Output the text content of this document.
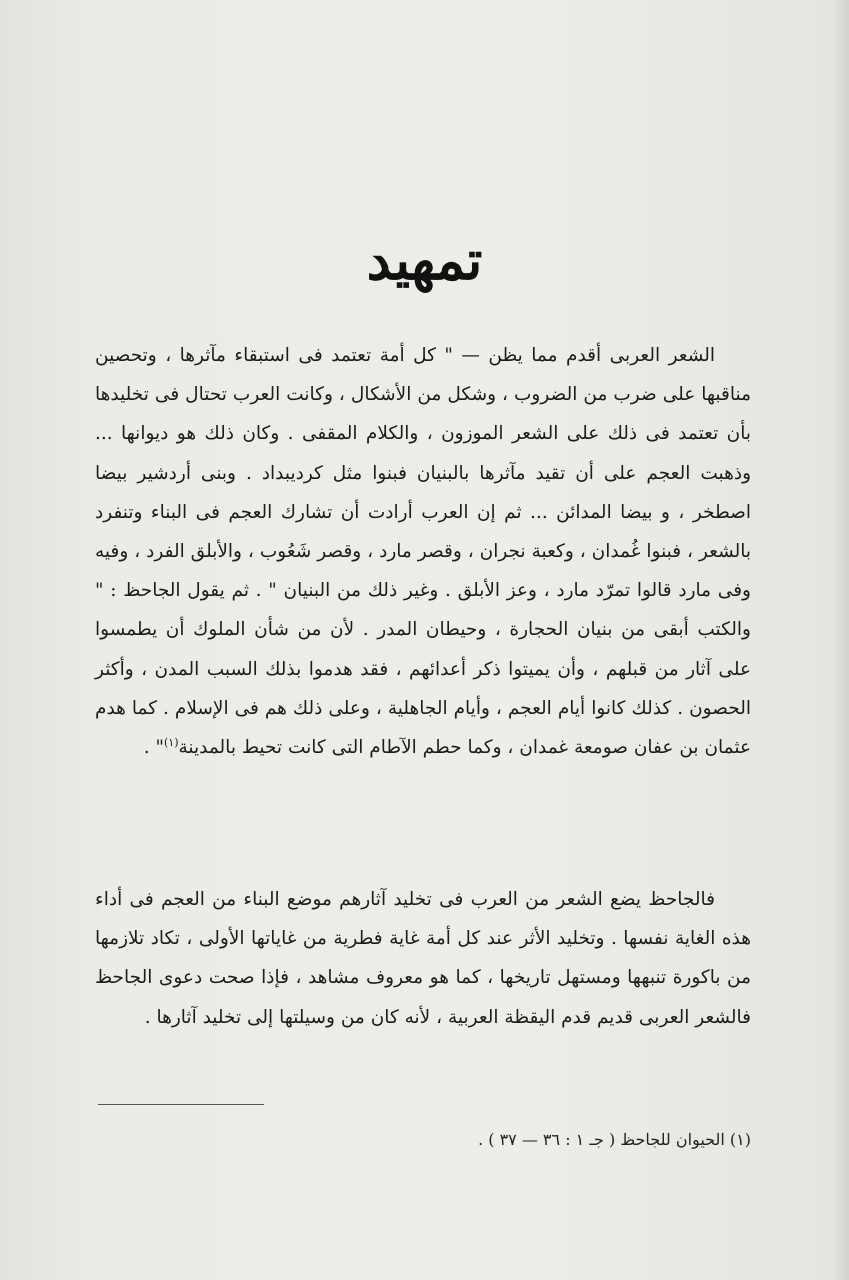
تمهيد

الشعر العربى أقدم مما يظن — " كل أمة تعتمد فى استبقاء مآثرها ، وتحصين مناقبها على ضرب من الضروب ، وشكل من الأشكال ، وكانت العرب تحتال فى تخليدها بأن تعتمد فى ذلك على الشعر الموزون ، والكلام المقفى . وكان ذلك هو ديوانها ... وذهبت العجم على أن تقيد مآثرها بالبنيان فبنوا مثل كرديبداد . وبنى أردشير بيضا اصطخر ، و بيضا المدائن ... ثم إن العرب أرادت أن تشارك العجم فى البناء وتنفرد بالشعر ، فبنوا غُمدان ، وكعبة نجران ، وقصر مارد ، وقصر شَعُوب ، والأبلق الفرد ، وفيه وفى مارد قالوا تمرّد مارد ، وعز الأبلق . وغير ذلك من البنيان " . ثم يقول الجاحظ : " والكتب أبقى من بنيان الحجارة ، وحيطان المدر . لأن من شأن الملوك أن يطمسوا على آثار من قبلهم ، وأن يميتوا ذكر أعدائهم ، فقد هدموا بذلك السبب المدن ، وأكثر الحصون . كذلك كانوا أيام العجم ، وأيام الجاهلية ، وعلى ذلك هم فى الإسلام . كما هدم عثمان بن عفان صومعة غمدان ، وكما حطم الآطام التى كانت تحيط بالمدينة$^{(١)}$" .

فالجاحظ يضع الشعر من العرب فى تخليد آثارهم موضع البناء من العجم فى أداء هذه الغاية نفسها . وتخليد الأثر عند كل أمة غاية فطرية من غاياتها الأولى ، تكاد تلازمها من باكورة تنبهها ومستهل تاريخها ، كما هو معروف مشاهد ، فإذا صحت دعوى الجاحظ فالشعر العربى قديم قدم اليقظة العربية ، لأنه كان من وسيلتها إلى تخليد آثارها .

(١) الحيوان للجاحظ ( جـ ١ : ٣٦ — ٣٧ ) .
